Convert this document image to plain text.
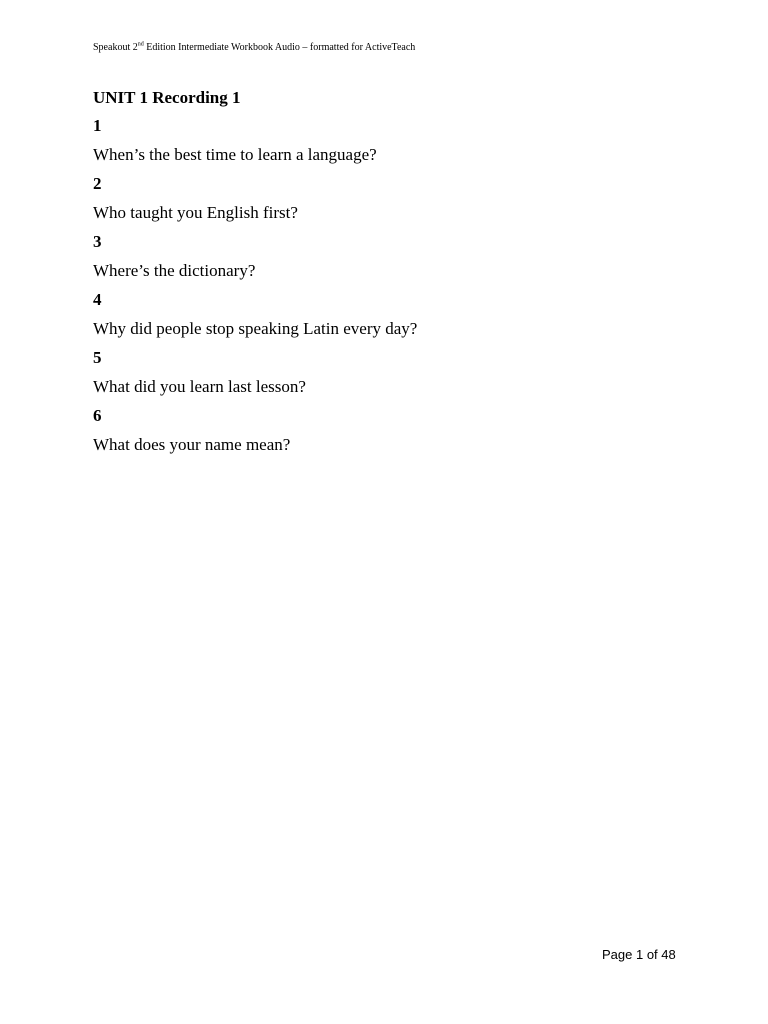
Speakout 2nd Edition Intermediate Workbook Audio – formatted for ActiveTeach
UNIT 1 Recording 1
1
When’s the best time to learn a language?
2
Who taught you English first?
3
Where’s the dictionary?
4
Why did people stop speaking Latin every day?
5
What did you learn last lesson?
6
What does your name mean?
Page 1 of 48
